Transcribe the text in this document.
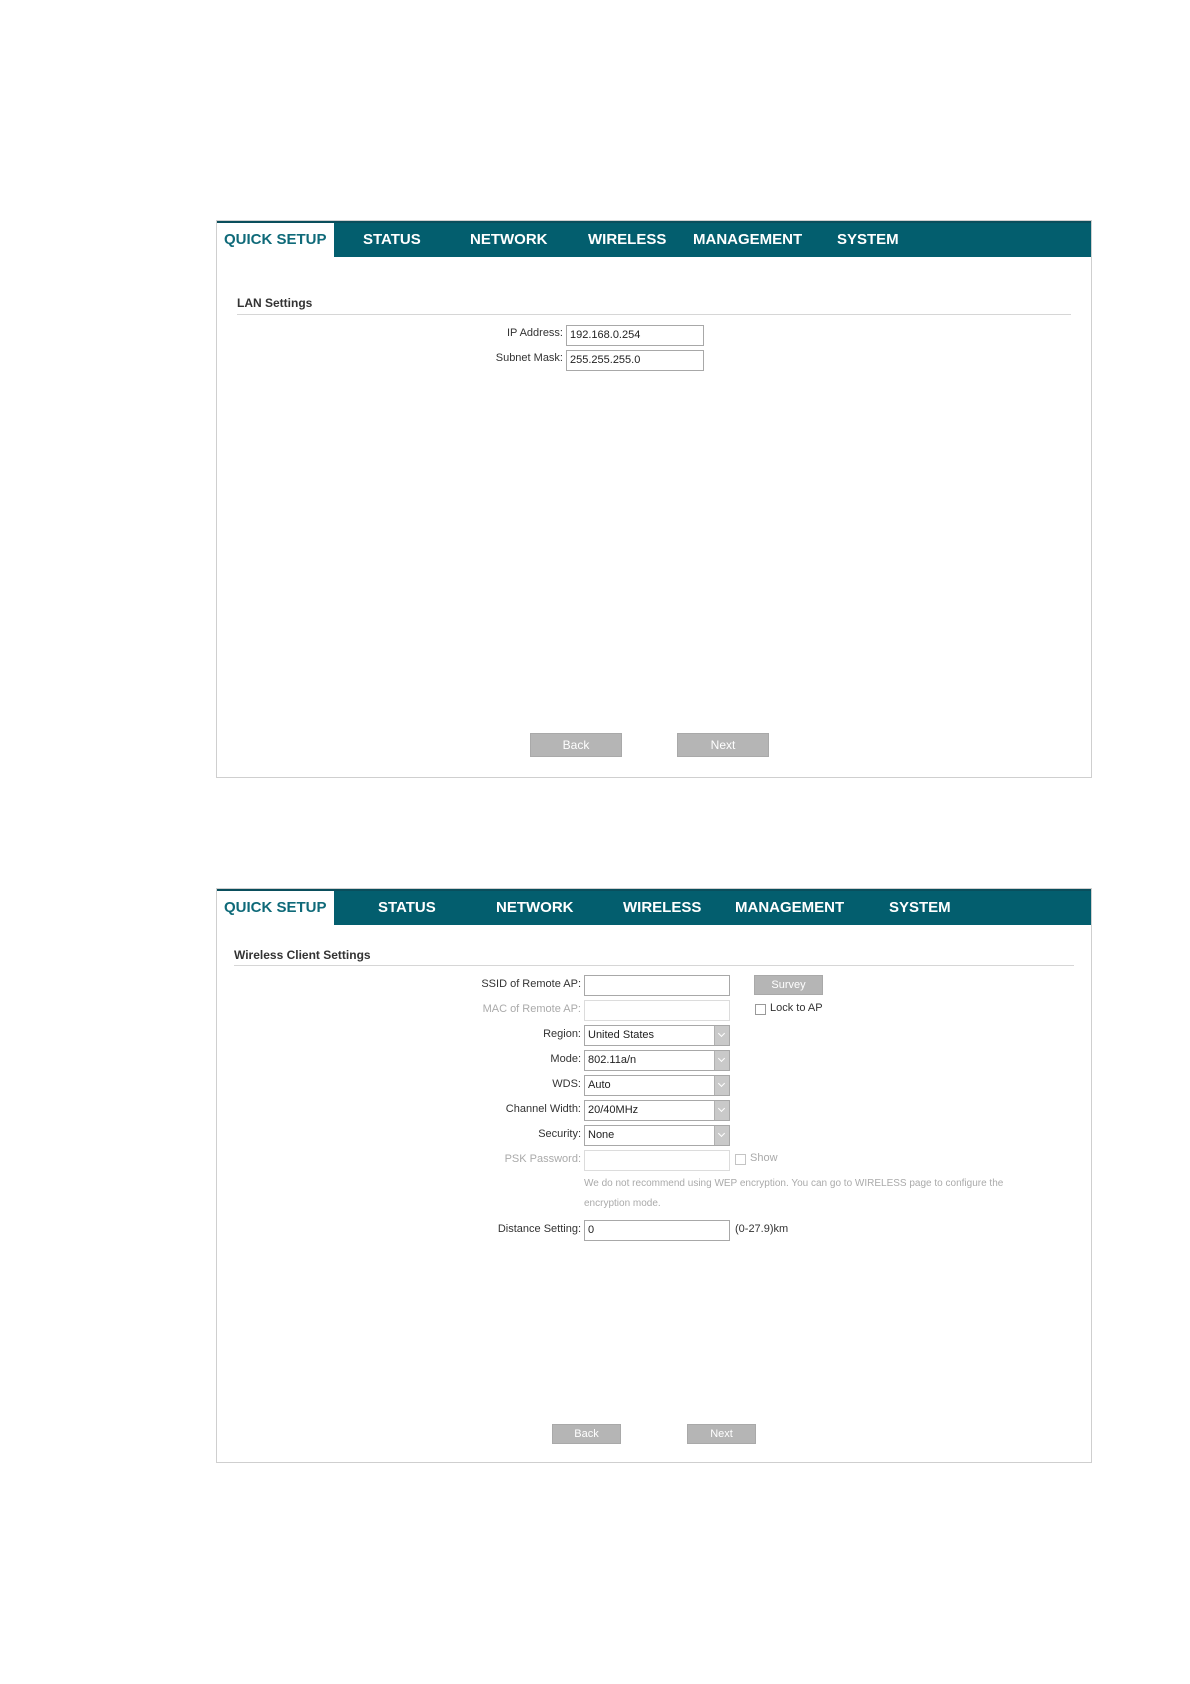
QUICK SETUP	STATUS	NETWORK	WIRELESS MANAGEMENT SYSTEM
LAN Settings
IP Address: 192.168.0.254
Subnet Mask: 255.255.255.0
Back	Next
QUICK SETUP	STATUS	NETWORK	WIRELESS MANAGEMENT	SYSTEM
Wireless Client Settings
SSID of Remote AP:	Survey
MAC of Remote AP:	Lock to AP
Region: United States
Mode: 802.11a/n
WDS: Auto
Channel Width: 20/40MHz
Security: None
PSK Password:	Show
We do not recommend using WEP encryption. You can go to WIRELESS page to configure the
encryption mode.
Distance Setting: 0	(0-27.9)km
Back	Next
